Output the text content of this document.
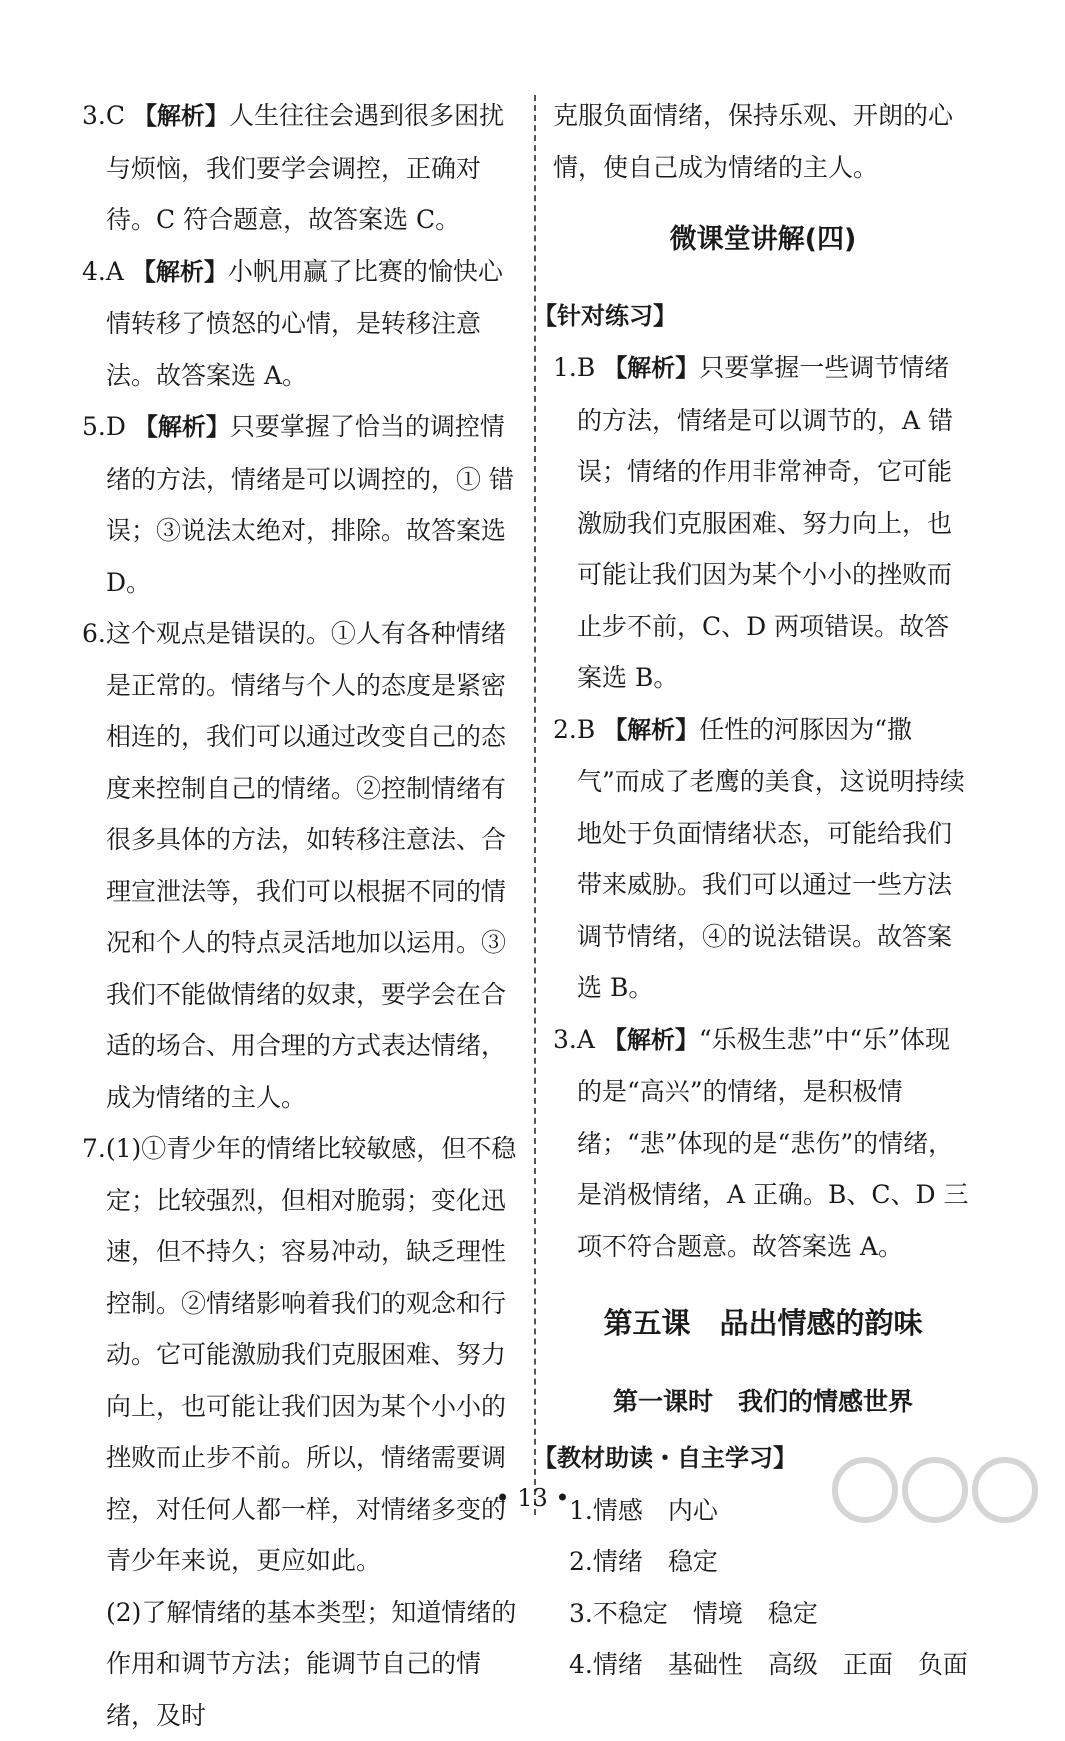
3.C 【解析】人生往往会遇到很多困扰与烦恼，我们要学会调控，正确对待。C 符合题意，故答案选 C。

4.A 【解析】小帆用赢了比赛的愉快心情转移了愤怒的心情，是转移注意法。故答案选 A。

5.D 【解析】只要掌握了恰当的调控情绪的方法，情绪是可以调控的，① 错误；③说法太绝对，排除。故答案选 D。

6.这个观点是错误的。①人有各种情绪是正常的。情绪与个人的态度是紧密相连的，我们可以通过改变自己的态度来控制自己的情绪。②控制情绪有很多具体的方法，如转移注意法、合理宣泄法等，我们可以根据不同的情况和个人的特点灵活地加以运用。③我们不能做情绪的奴隶，要学会在合适的场合、用合理的方式表达情绪，成为情绪的主人。

7.(1)①青少年的情绪比较敏感，但不稳定；比较强烈，但相对脆弱；变化迅速，但不持久；容易冲动，缺乏理性控制。②情绪影响着我们的观念和行动。它可能激励我们克服困难、努力向上，也可能让我们因为某个小小的挫败而止步不前。所以，情绪需要调控，对任何人都一样，对情绪多变的青少年来说，更应如此。

(2)了解情绪的基本类型；知道情绪的作用和调节方法；能调节自己的情绪，及时

克服负面情绪，保持乐观、开朗的心情，使自己成为情绪的主人。

微课堂讲解(四)
【针对练习】

1.B 【解析】只要掌握一些调节情绪的方法，情绪是可以调节的，A 错误；情绪的作用非常神奇，它可能激励我们克服困难、努力向上，也可能让我们因为某个小小的挫败而止步不前，C、D 两项错误。故答案选 B。

2.B 【解析】任性的河豚因为“撒气”而成了老鹰的美食，这说明持续地处于负面情绪状态，可能给我们带来威胁。我们可以通过一些方法调节情绪，④的说法错误。故答案选 B。

3.A 【解析】“乐极生悲”中“乐”体现的是“高兴”的情绪，是积极情绪；“悲”体现的是“悲伤”的情绪，是消极情绪，A 正确。B、C、D 三项不符合题意。故答案选 A。

第五课　品出情感的韵味
第一课时　我们的情感世界
【教材助读・自主学习】

1.情感　内心

2.情绪　稳定

3.不稳定　情境　稳定

4.情绪　基础性　高级　正面　负面

• 13 •
